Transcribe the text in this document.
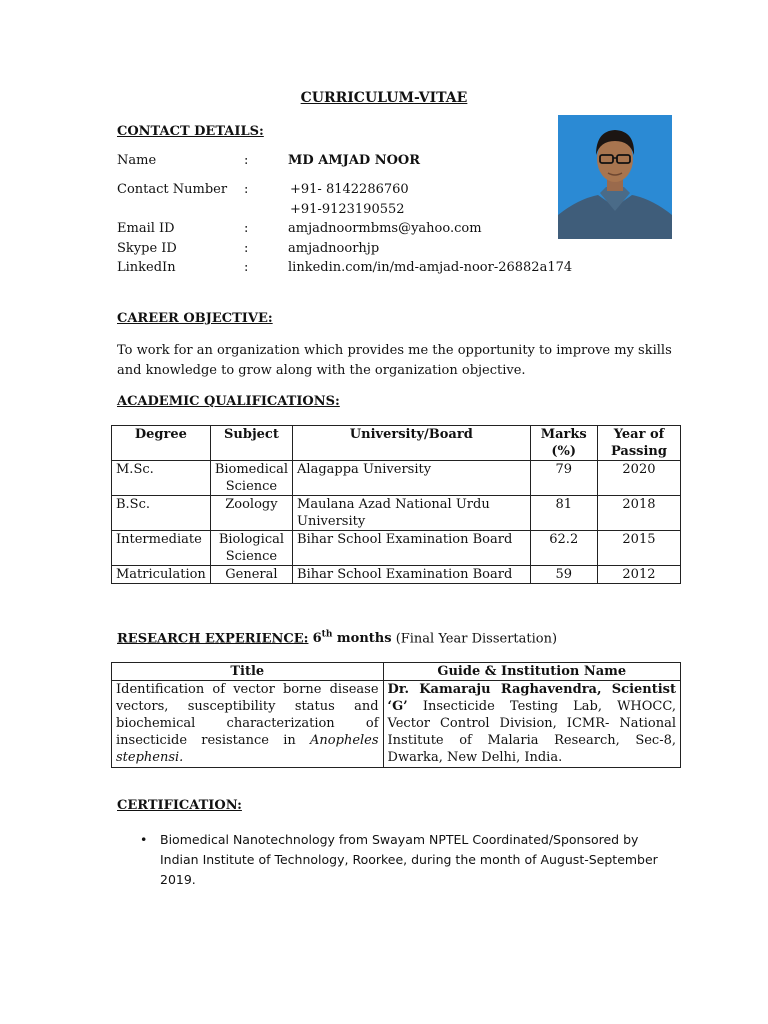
CURRICULUM-VITAE
CONTACT DETAILS:
Name	:	MD AMJAD NOOR
Contact Number :	+91- 8142286760
+91-9123190552
Email ID	:	amjadnoormbms@yahoo.com
Skype ID	:	amjadnoorhjp
LinkedIn	:	linkedin.com/in/md-amjad-noor-26882a174
CAREER OBJECTIVE:
To work for an organization which provides me the opportunity to improve my skills and knowledge to grow along with the organization objective.
ACADEMIC QUALIFICATIONS:
Degree	Subject	University/Board	Marks (%)	Year of Passing
M.Sc.	Biomedical Science	Alagappa University	79	2020
B.Sc.	Zoology	Maulana Azad National Urdu University	81	2018
Intermediate	Biological Science	Bihar School Examination Board	62.2	2015
Matriculation	General	Bihar School Examination Board	59	2012
RESEARCH EXPERIENCE: 6th months (Final Year Dissertation)
Title	Guide & Institution Name
Identification of vector borne disease vectors, susceptibility status and biochemical characterization of insecticide resistance in Anopheles stephensi.	Dr. Kamaraju Raghavendra, Scientist ‘G’ Insecticide Testing Lab, WHOCC, Vector Control Division, ICMR- National Institute of Malaria Research, Sec-8, Dwarka, New Delhi, India.
CERTIFICATION:
• Biomedical Nanotechnology from Swayam NPTEL Coordinated/Sponsored by Indian Institute of Technology, Roorkee, during the month of August-September 2019.
